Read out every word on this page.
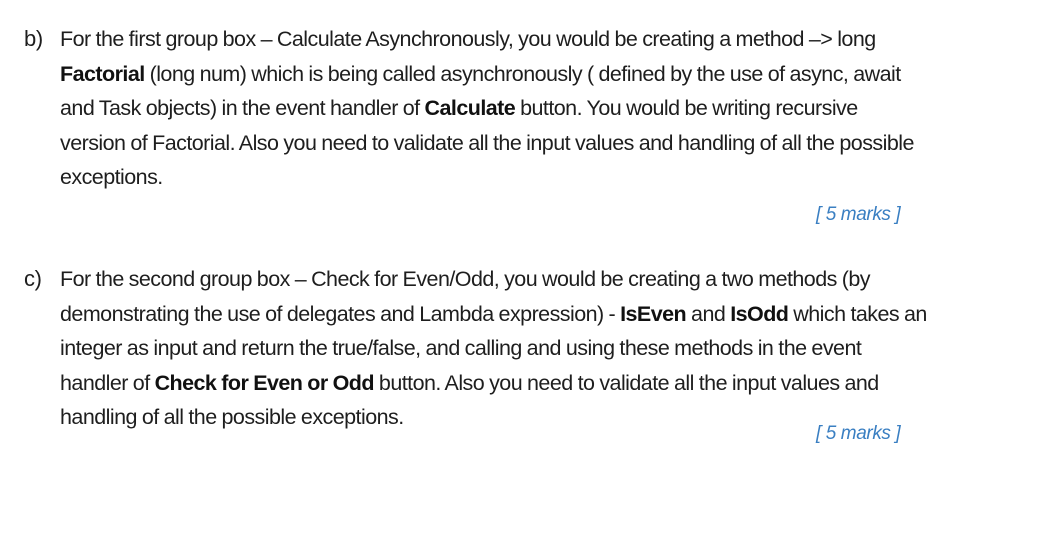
b) For the first group box – Calculate Asynchronously, you would be creating a method –> long
Factorial (long num) which is being called asynchronously ( defined by the use of async, await
and Task objects) in the event handler of Calculate button. You would be writing recursive
version of Factorial. Also you need to validate all the input values and handling of all the possible
exceptions.
[ 5 marks ]
c) For the second group box – Check for Even/Odd, you would be creating a two methods (by
demonstrating the use of delegates and Lambda expression) - IsEven and IsOdd which takes an
integer as input and return the true/false, and calling and using these methods in the event
handler of Check for Even or Odd button. Also you need to validate all the input values and
handling of all the possible exceptions.
[ 5 marks ]
